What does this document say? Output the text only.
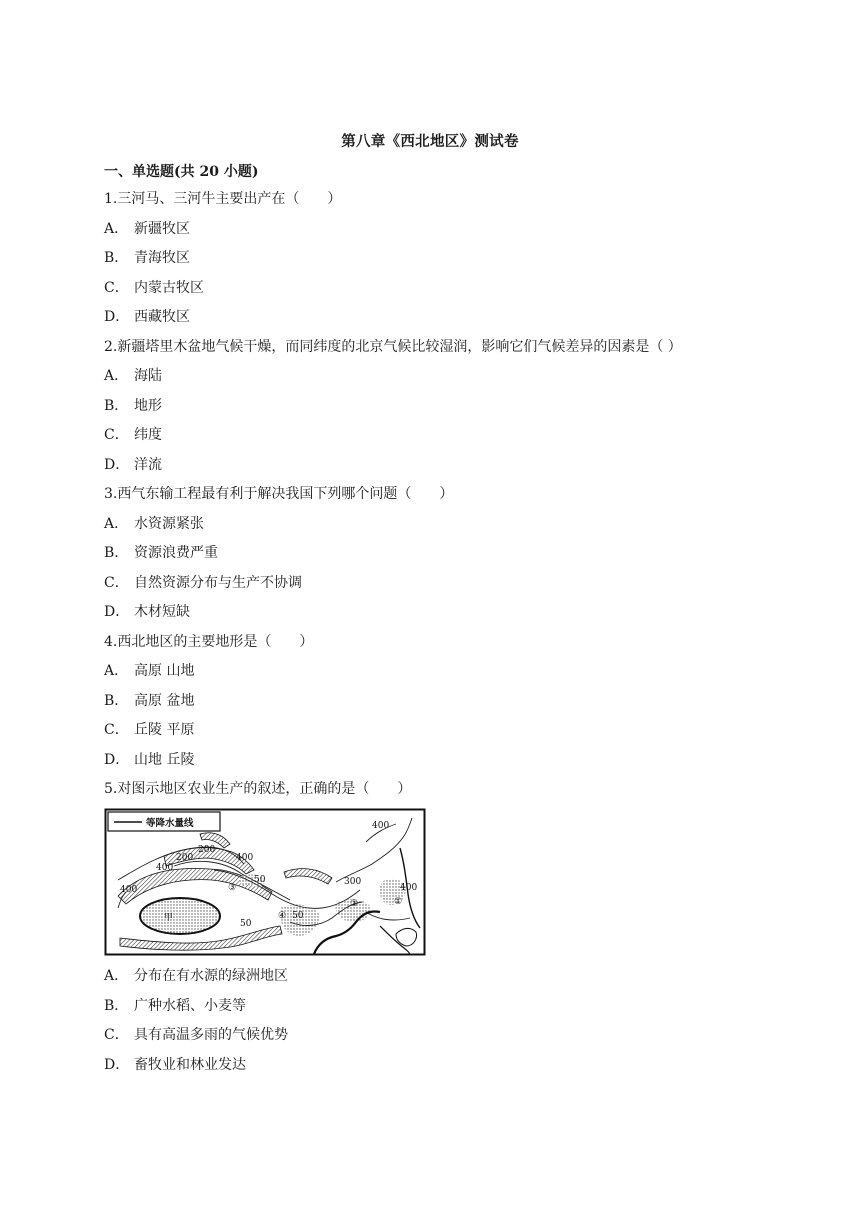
第八章《西北地区》测试卷
一、单选题(共 20 小题)
1.三河马、三河牛主要出产在（　　）
A． 新疆牧区
B． 青海牧区
C． 内蒙古牧区
D． 西藏牧区
2.新疆塔里木盆地气候干燥，而同纬度的北京气候比较湿润，影响它们气候差异的因素是（ ）
A． 海陆
B． 地形
C． 纬度
D． 洋流
3.西气东输工程最有利于解决我国下列哪个问题（　　）
A． 水资源紧张
B． 资源浪费严重
C． 自然资源分布与生产不协调
D． 木材短缺
4.西北地区的主要地形是（　　）
A． 高原 山地
B． 高原 盆地
C． 丘陵 平原
D． 山地 丘陵
5.对图示地区农业生产的叙述，正确的是（　　）
等降水量线	400
200
200
400
400
50
400
50
50
300
400
甲
①
②
④
③
A． 分布在有水源的绿洲地区
B． 广种水稻、小麦等
C． 具有高温多雨的气候优势
D． 畜牧业和林业发达
